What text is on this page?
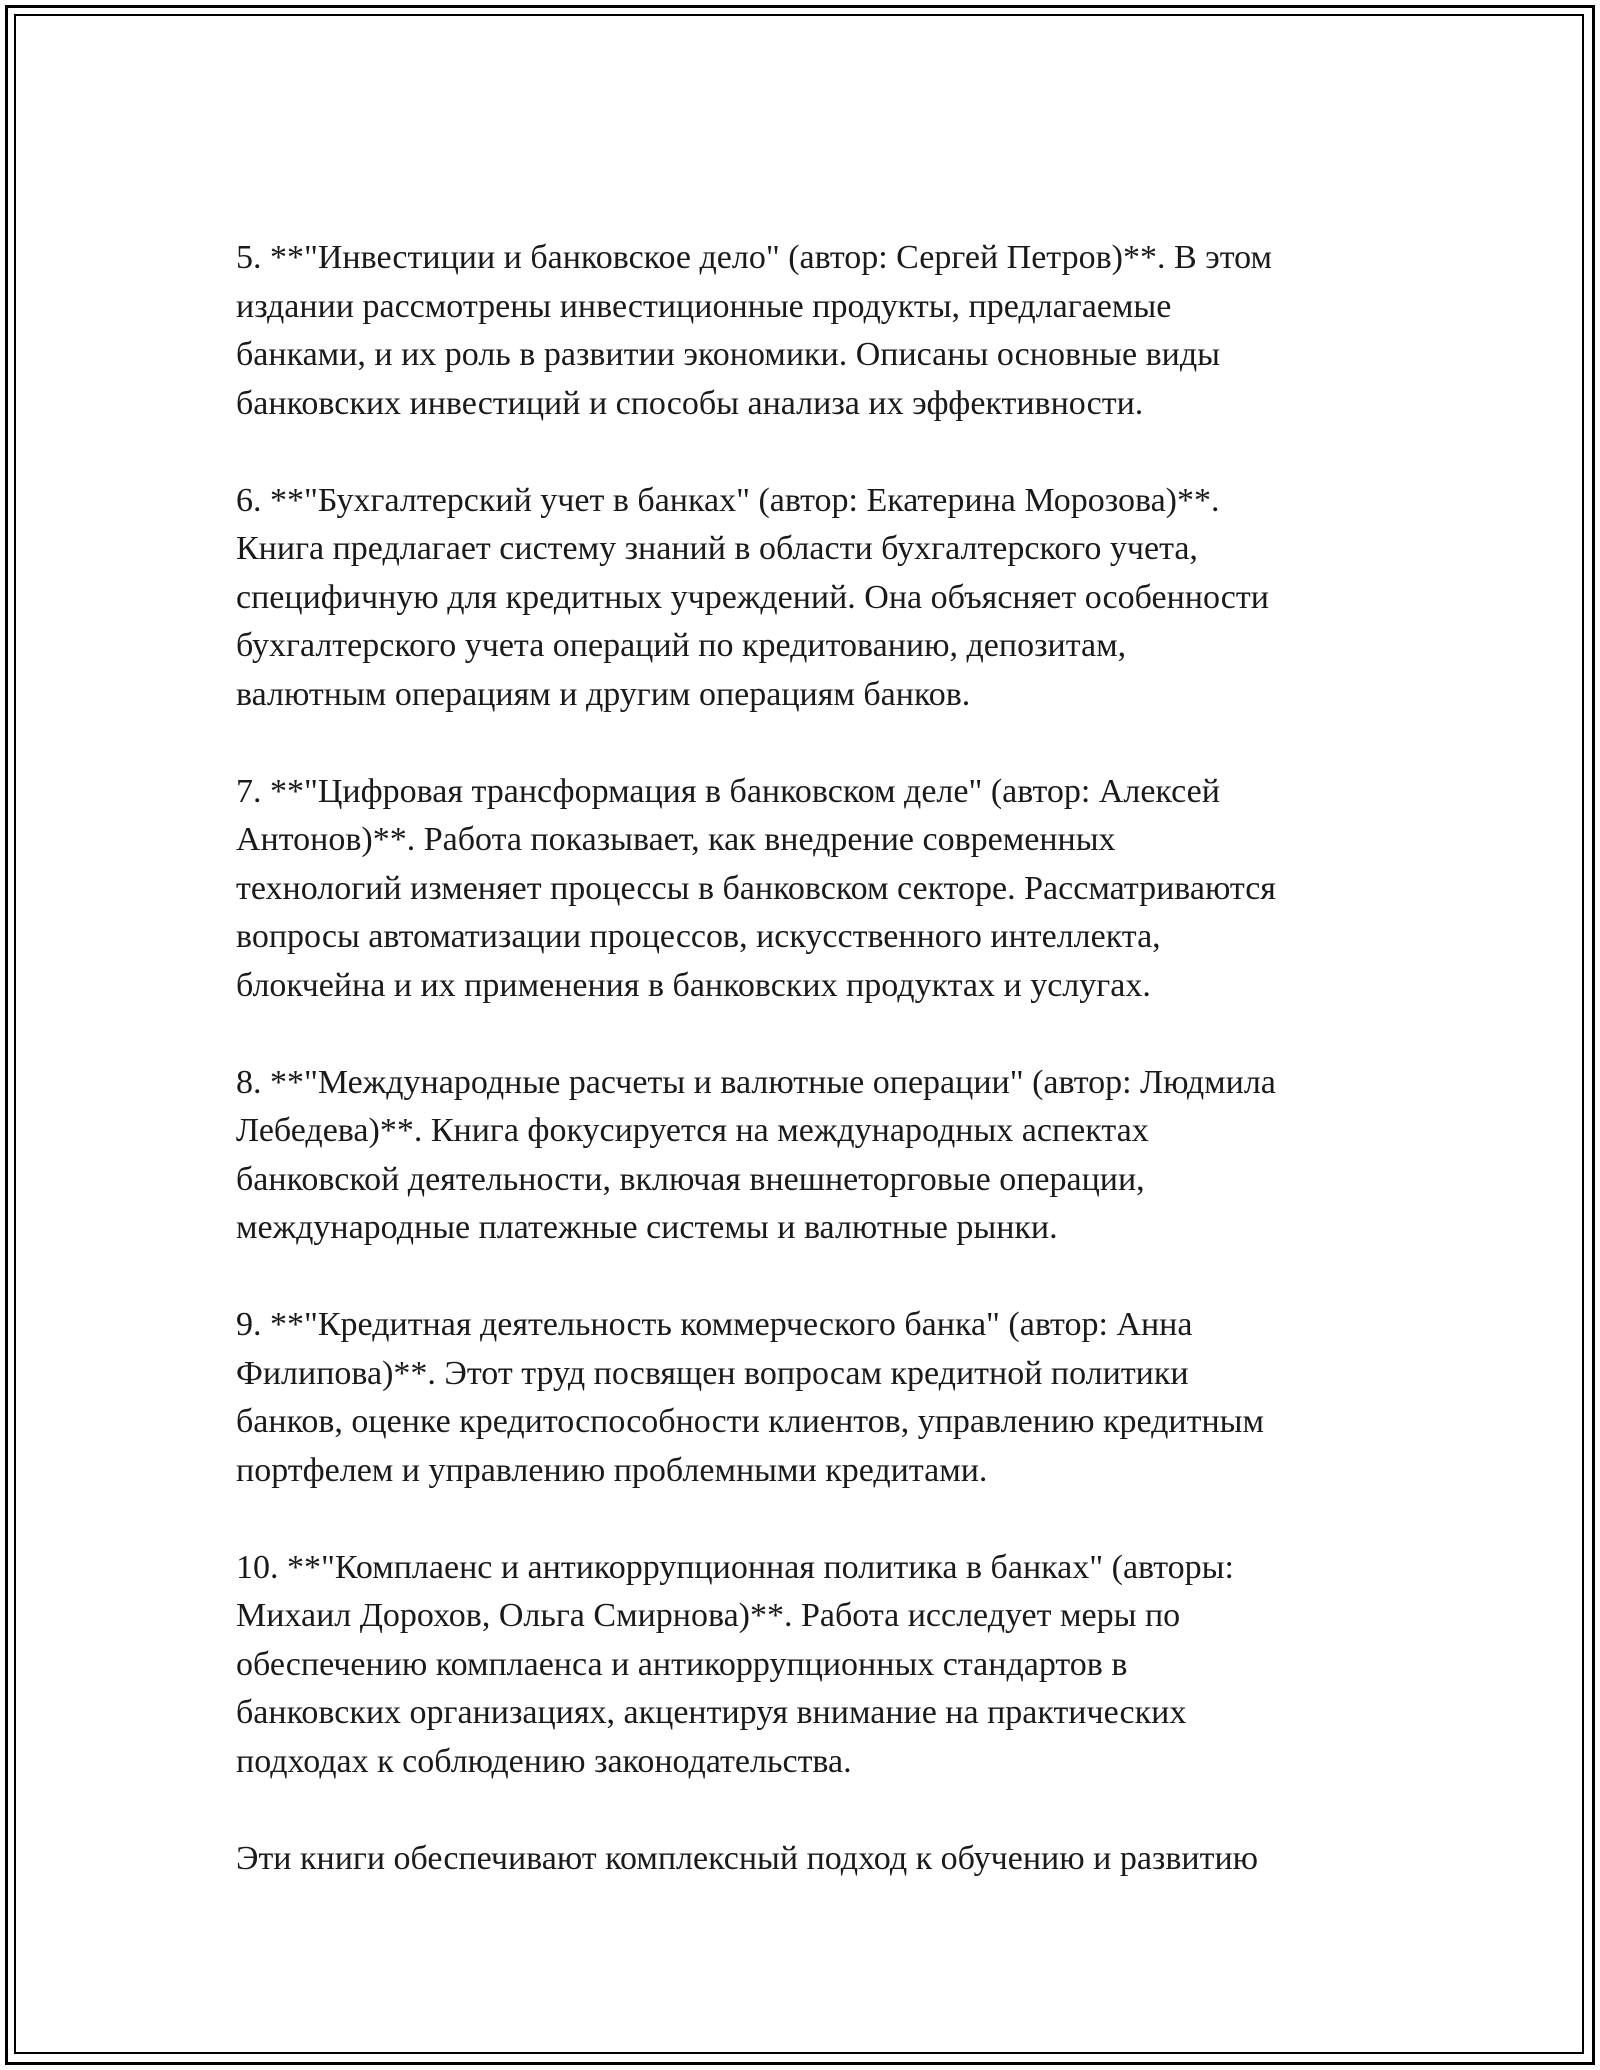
5. **"Инвестиции и банковское дело" (автор: Сергей Петров)**. В этом
издании рассмотрены инвестиционные продукты, предлагаемые
банками, и их роль в развитии экономики. Описаны основные виды
банковских инвестиций и способы анализа их эффективности.

6. **"Бухгалтерский учет в банках" (автор: Екатерина Морозова)**.
Книга предлагает систему знаний в области бухгалтерского учета,
специфичную для кредитных учреждений. Она объясняет особенности
бухгалтерского учета операций по кредитованию, депозитам,
валютным операциям и другим операциям банков.

7. **"Цифровая трансформация в банковском деле" (автор: Алексей
Антонов)**. Работа показывает, как внедрение современных
технологий изменяет процессы в банковском секторе. Рассматриваются
вопросы автоматизации процессов, искусственного интеллекта,
блокчейна и их применения в банковских продуктах и услугах.

8. **"Международные расчеты и валютные операции" (автор: Людмила
Лебедева)**. Книга фокусируется на международных аспектах
банковской деятельности, включая внешнеторговые операции,
международные платежные системы и валютные рынки.

9. **"Кредитная деятельность коммерческого банка" (автор: Анна
Филипова)**. Этот труд посвящен вопросам кредитной политики
банков, оценке кредитоспособности клиентов, управлению кредитным
портфелем и управлению проблемными кредитами.

10. **"Комплаенс и антикоррупционная политика в банках" (авторы:
Михаил Дорохов, Ольга Смирнова)**. Работа исследует меры по
обеспечению комплаенса и антикоррупционных стандартов в
банковских организациях, акцентируя внимание на практических
подходах к соблюдению законодательства.

Эти книги обеспечивают комплексный подход к обучению и развитию
